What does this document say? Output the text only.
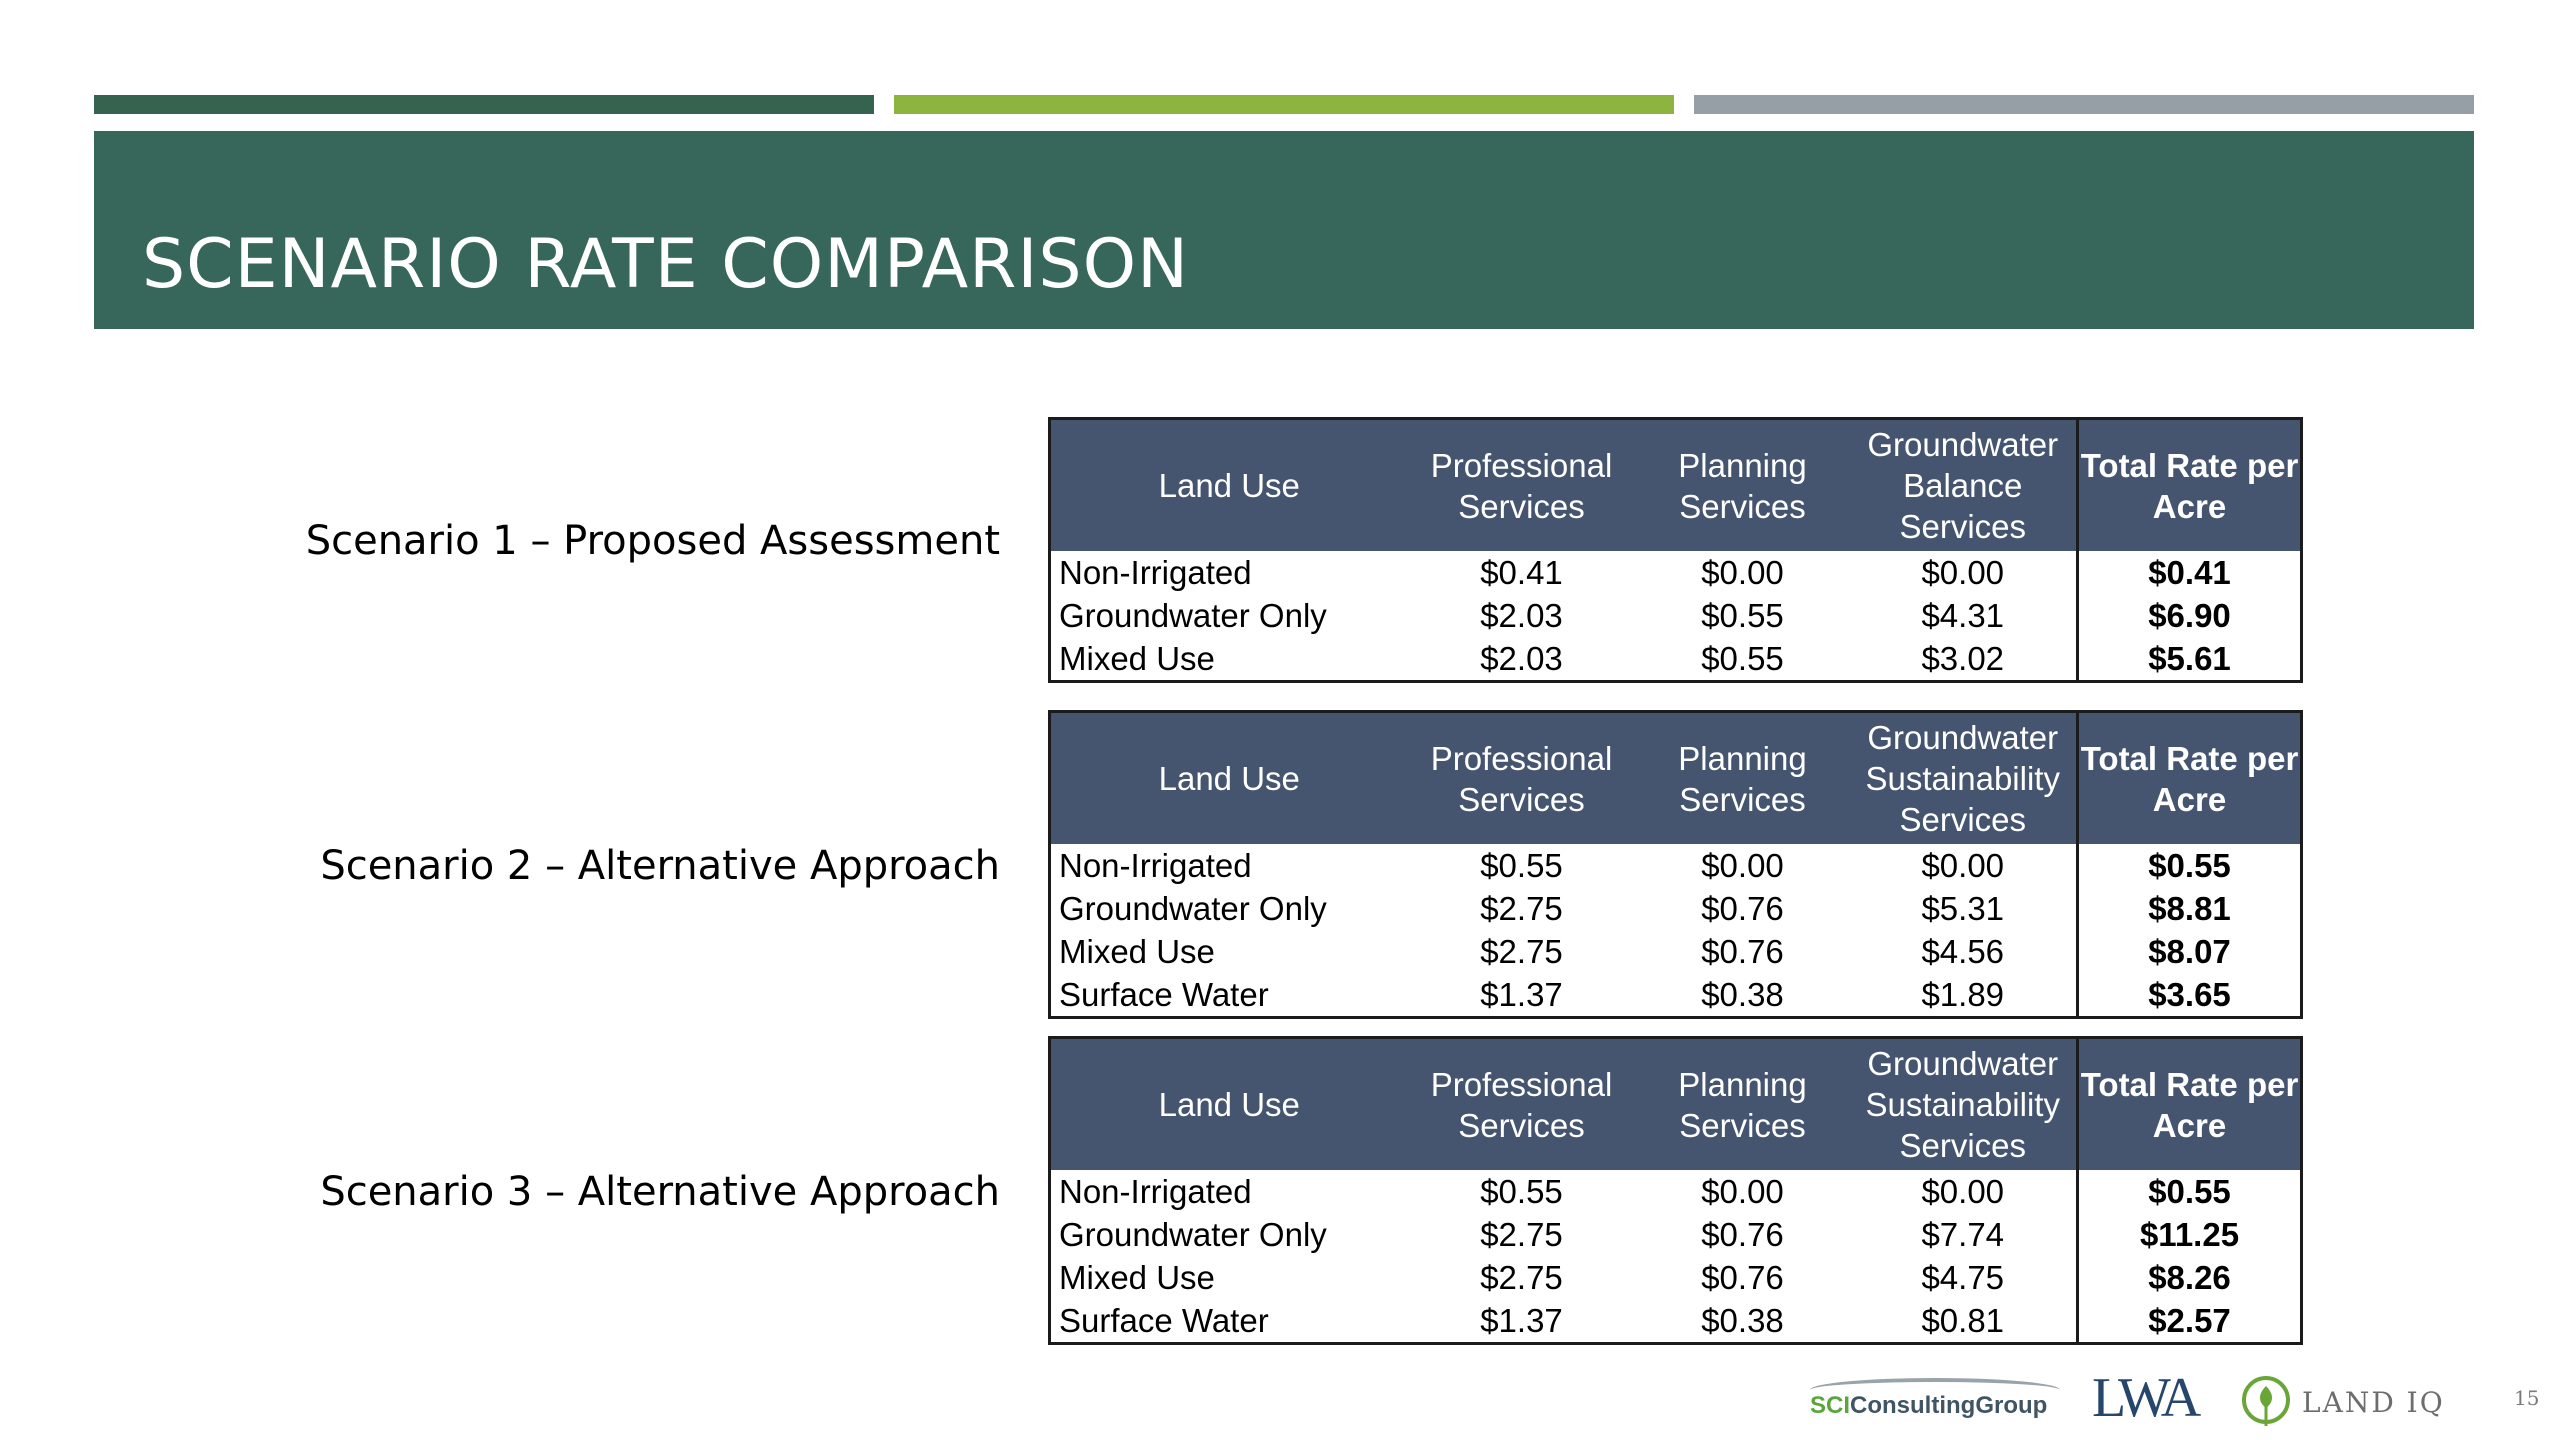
SCENARIO RATE COMPARISON
Scenario 1 – Proposed Assessment
Land Use	Professional Services	Planning Services	Groundwater Balance Services	Total Rate per Acre
Non-Irrigated	$0.41	$0.00	$0.00	$0.41
Groundwater Only	$2.03	$0.55	$4.31	$6.90
Mixed Use	$2.03	$0.55	$3.02	$5.61
Scenario 2 – Alternative Approach
Land Use	Professional Services	Planning Services	Groundwater Sustainability Services	Total Rate per Acre
Non-Irrigated	$0.55	$0.00	$0.00	$0.55
Groundwater Only	$2.75	$0.76	$5.31	$8.81
Mixed Use	$2.75	$0.76	$4.56	$8.07
Surface Water	$1.37	$0.38	$1.89	$3.65
Scenario 3 – Alternative Approach
Land Use	Professional Services	Planning Services	Groundwater Sustainability Services	Total Rate per Acre
Non-Irrigated	$0.55	$0.00	$0.00	$0.55
Groundwater Only	$2.75	$0.76	$7.74	$11.25
Mixed Use	$2.75	$0.76	$4.75	$8.26
Surface Water	$1.37	$0.38	$0.81	$2.57
SCIConsultingGroup LWA	LAND IQ	15
